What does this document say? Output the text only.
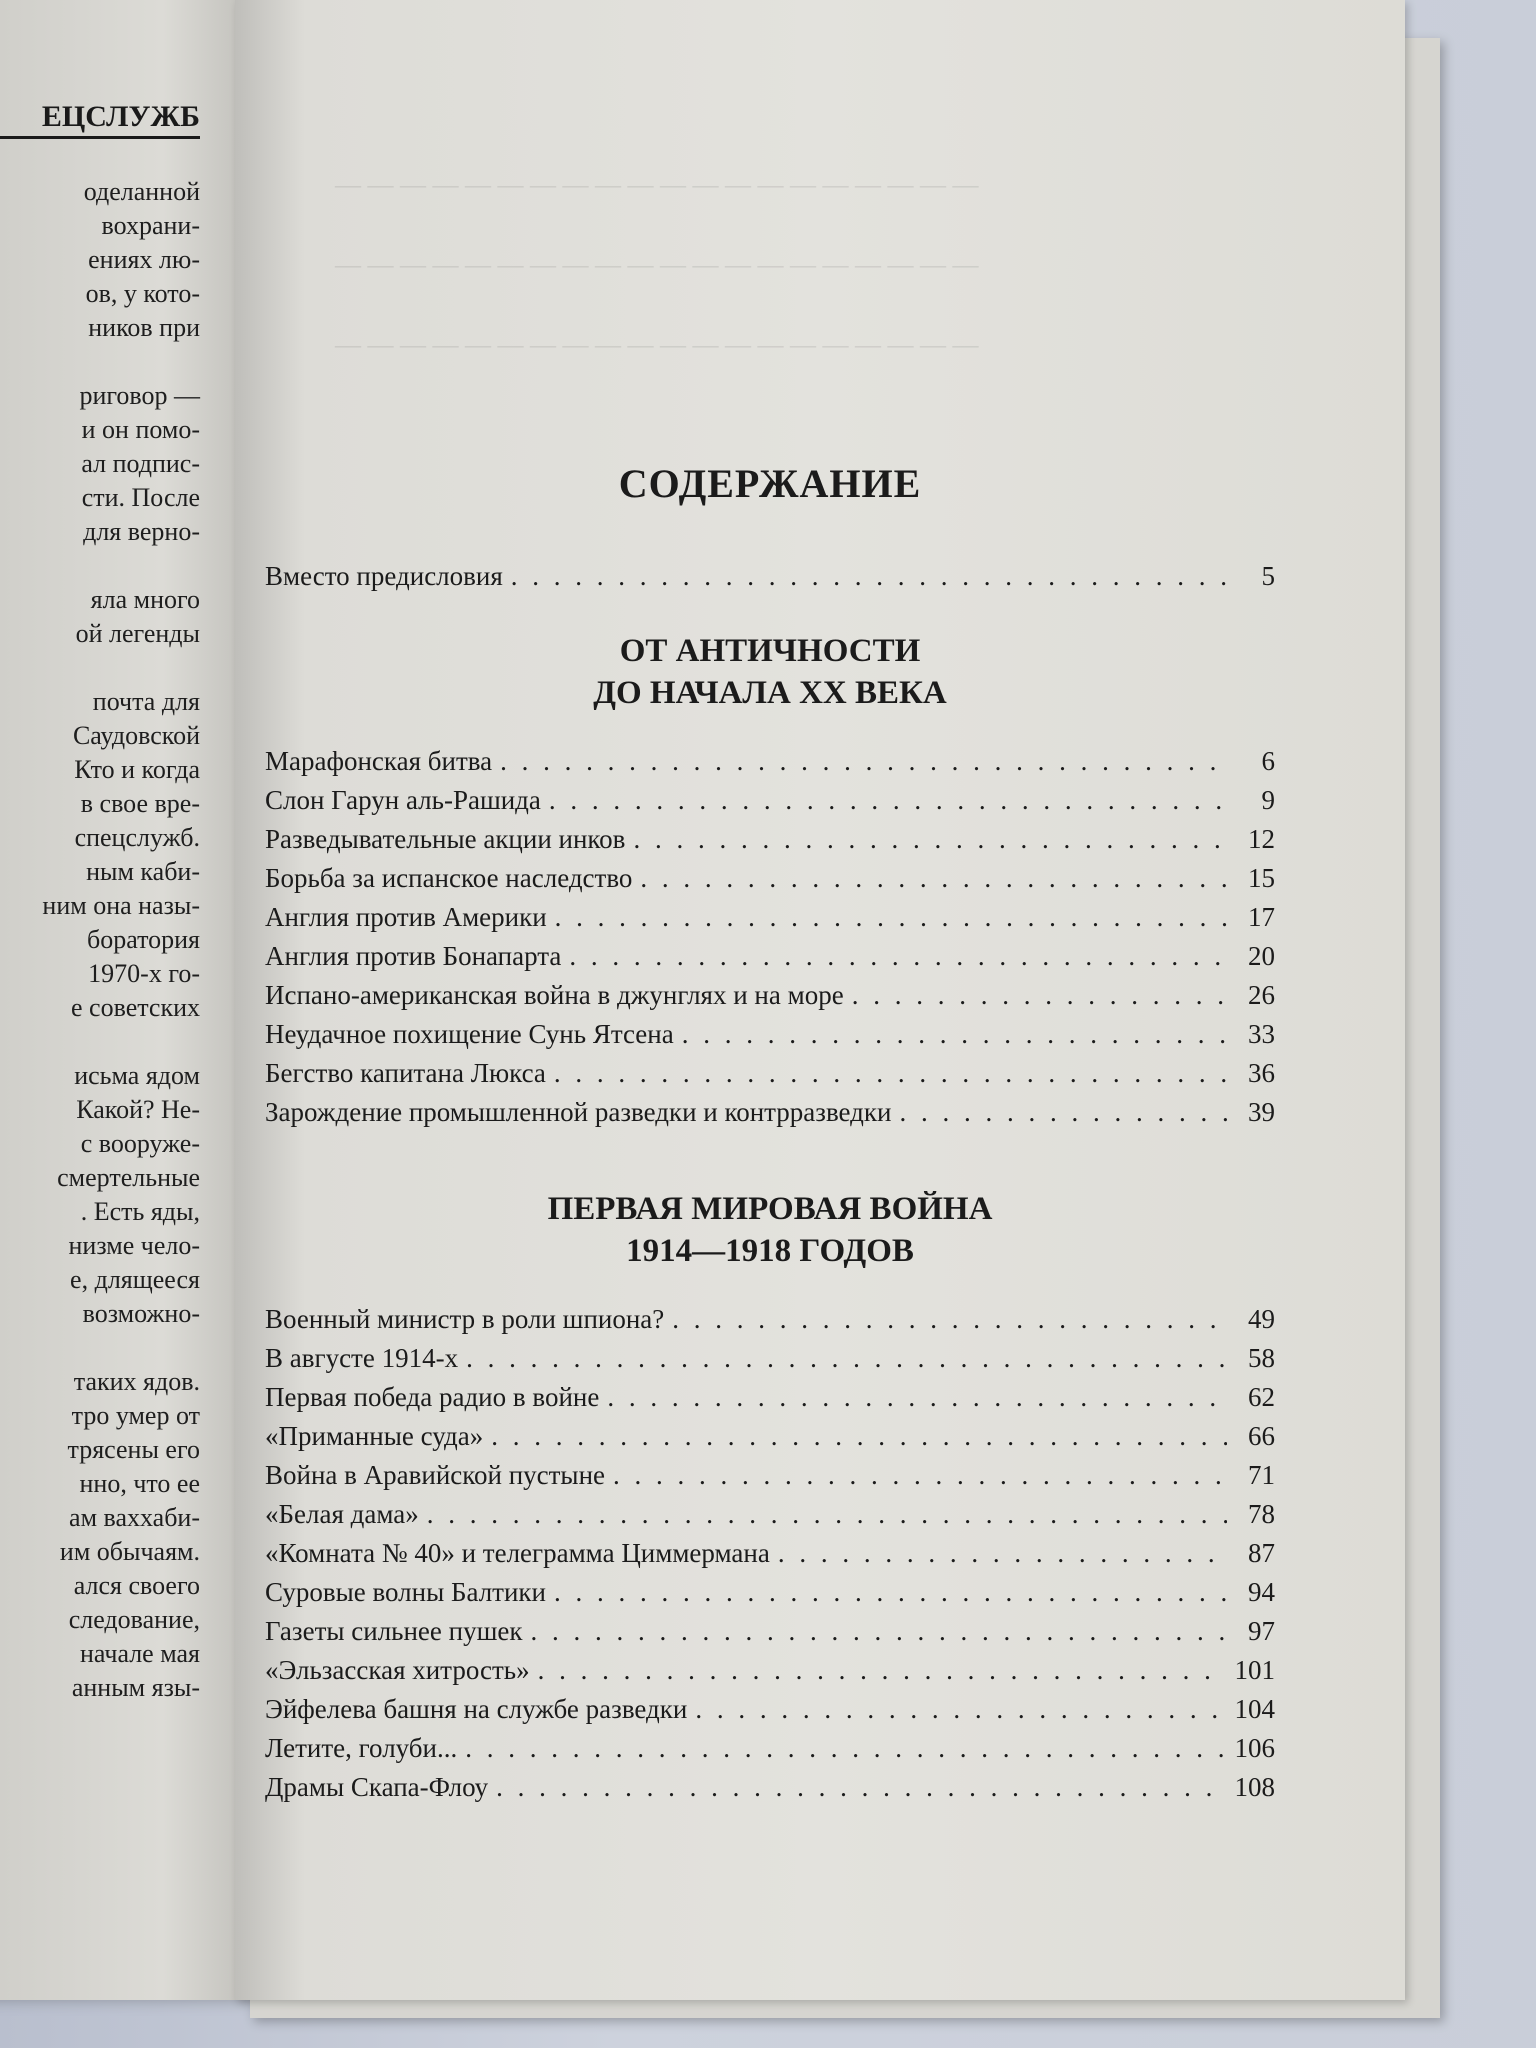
ЕЦСЛУЖБ
оделанной
вохрани-
ениях лю-
ов, у кото-
ников при
риговор —
и он помо-
ал подпис-
сти. После
для верно-
яла много
ой легенды
почта для
Саудовской
Кто и когда
в свое вре-
спецслужб.
ным каби-
ним она назы-
боратория
1970-х го-
е советских
исьма ядом
Какой? Не-
с вооруже-
смертельные
. Есть яды,
низме чело-
е, длящееся
возможно-
таких ядов.
тро умер от
трясены его
нно, что ее
ам ваххаби-
им обычаям.
ался своего
следование,
начале мая
анным язы-
— — — — — — — — — — — — — — — — — — — —
— — — — — — — — — — — — — — — — — — — —
— — — — — — — — — — — — — — — — — — — —
СОДЕРЖАНИЕ
Вместо предисловия . . .	5
ОТ АНТИЧНОСТИ
ДО НАЧАЛА XX ВЕКА
Марафонская битва . . .	6
Слон Гарун аль-Рашида . . .	9
Разведывательные акции инков . . .	12
Борьба за испанское наследство . . .	15
Англия против Америки . . .	17
Англия против Бонапарта . . .	20
Испано-американская война в джунглях и на море . . .	26
Неудачное похищение Сунь Ятсена . . .	33
Бегство капитана Люкса . . .	36
Зарождение промышленной разведки и контрразведки . . .	39
ПЕРВАЯ МИРОВАЯ ВОЙНА
1914—1918 ГОДОВ
Военный министр в роли шпиона? . . .	49
В августе 1914-х . . .	58
Первая победа радио в войне . . .	62
«Приманные суда» . . .	66
Война в Аравийской пустыне . . .	71
«Белая дама» . . .	78
«Комната № 40» и телеграмма Циммермана . . .	87
Суровые волны Балтики . . .	94
Газеты сильнее пушек . . .	97
«Эльзасская хитрость» . . .	101
Эйфелева башня на службе разведки . . .	104
Летите, голуби... . . .	106
Драмы Скапа-Флоу . . .	108
